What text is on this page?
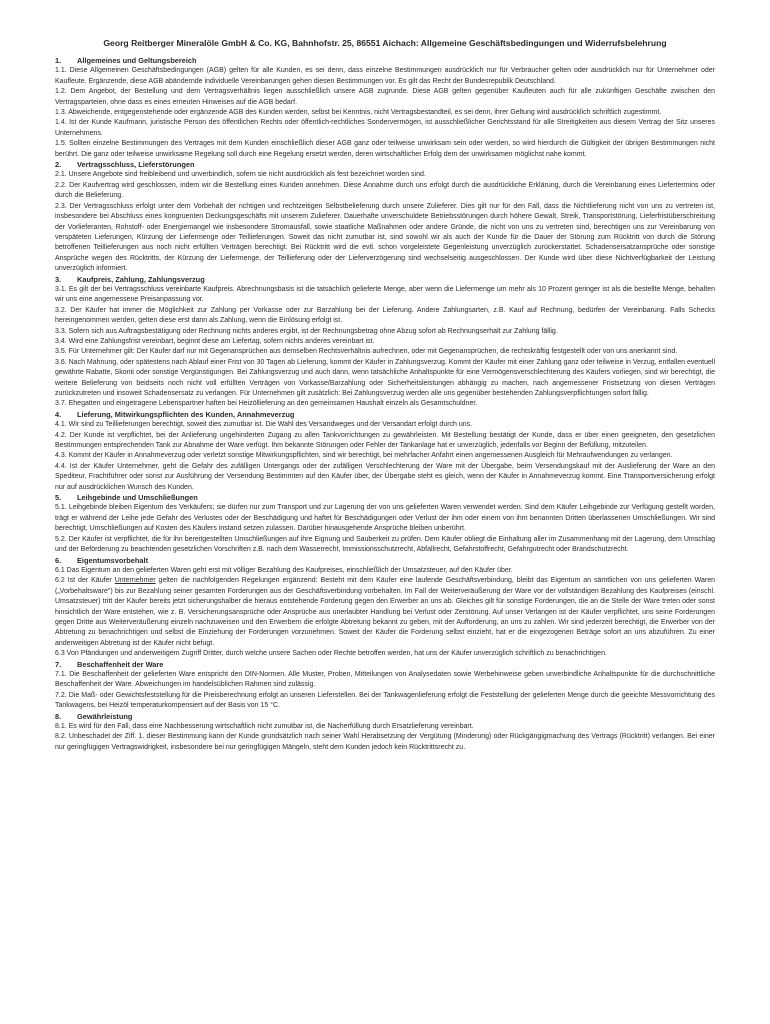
Georg Reitberger Mineralöle GmbH & Co. KG, Bahnhofstr. 25, 86551 Aichach: Allgemeine Geschäftsbedingungen und Widerrufsbelehrung
1.	Allgemeines und Geltungsbereich

1.1. Diese Allgemeinen Geschäftsbedingungen (AGB) gelten für alle Kunden, es sei denn, dass einzelne Bestimmungen ausdrücklich nur für Verbraucher gelten oder ausdrücklich nur für Unternehmer oder Kaufleute. Ergänzende, diese AGB abändernde individuelle Vereinbarungen gehen diesen Bestimmungen vor. Es gilt das Recht der Bundesrepublik Deutschland.

1.2. Dem Angebot, der Bestellung und dem Vertragsverhältnis liegen ausschließlich unsere AGB zugrunde. Diese AGB gelten gegenüber Kaufleuten auch für alle zukünftigen Geschäfte zwischen den Vertragsparteien, ohne dass es eines erneuten Hinweises auf die AGB bedarf.

1.3. Abweichende, entgegenstehende oder ergänzende AGB des Kunden werden, selbst bei Kenntnis, nicht Vertragsbestandteil, es sei denn, ihrer Geltung wird ausdrücklich schriftlich zugestimmt.

1.4. Ist der Kunde Kaufmann, juristische Person des öffentlichen Rechts oder öffentlich-rechtliches Sondervermögen, ist ausschließlicher Gerichtsstand für alle Streitigkeiten aus diesem Vertrag der Sitz unseres Unternehmens.

1.5. Sollten einzelne Bestimmungen des Vertrages mit dem Kunden einschließlich dieser AGB ganz oder teilweise unwirksam sein oder werden, so wird hierdurch die Gültigkeit der übrigen Bestimmungen nicht berührt. Die ganz oder teilweise unwirksame Regelung soll durch eine Regelung ersetzt werden, deren wirtschaftlicher Erfolg dem der unwirksamen möglichst nahe kommt.

2.	Vertragsschluss, Lieferstörungen

2.1. Unsere Angebote sind freibleibend und unverbindlich, sofern sie nicht ausdrücklich als fest bezeichnet worden sind.

2.2. Der Kaufvertrag wird geschlossen, indem wir die Bestellung eines Kunden annehmen. Diese Annahme durch uns erfolgt durch die ausdrückliche Erklärung, durch die Vereinbarung eines Liefertermins oder durch die Belieferung.

2.3. Der Vertragsschluss erfolgt unter dem Vorbehalt der richtigen und rechtzeitigen Selbstbelieferung durch unsere Zulieferer. Dies gilt nur für den Fall, dass die Nichtlieferung nicht von uns zu vertreten ist, insbesondere bei Abschluss eines kongruenten Deckungsgeschäfts mit unserem Zulieferer. Dauerhafte unverschuldete Betriebsstörungen durch höhere Gewalt, Streik, Transportstörung, Lieferfristüberschreitung der Vorlieferanten, Rohstoff- oder Energiemangel wie insbesondere Stromausfall, sowie staatliche Maßnahmen oder andere Gründe, die nicht von uns zu vertreten sind, berechtigen uns zur Vereinbarung von verspäteten Lieferungen, Kürzung der Liefermenge oder Teillieferungen. Soweit das nicht zumutbar ist, sind sowohl wir als auch der Kunde für die Dauer der Störung zum Rücktritt von durch die Störung betroffenen Teillieferungen aus noch nicht erfüllten Verträgen berechtigt. Bei Rücktritt wird die evtl. schon vorgeleistete Gegenleistung unverzüglich zurückerstattet. Schadensersatzansprüche oder sonstige Ansprüche wegen des Rücktritts, der Kürzung der Liefermenge, der Teillieferung oder der Lieferverzögerung sind wechselseitig ausgeschlossen. Der Kunde wird über diese Nichtverfügbarkeit der Leistung unverzüglich informiert.

3.	Kaufpreis, Zahlung, Zahlungsverzug

3.1. Es gilt der bei Vertragsschluss vereinbarte Kaufpreis. Abrechnungsbasis ist die tatsächlich gelieferte Menge, aber wenn die Liefermenge um mehr als 10 Prozent geringer ist als die bestellte Menge, behalten wir uns eine angemessene Preisanpassung vor.

3.2. Der Käufer hat immer die Möglichkeit zur Zahlung per Vorkasse oder zur Barzahlung bei der Lieferung. Andere Zahlungsarten, z.B. Kauf auf Rechnung, bedürfen der Vereinbarung. Falls Schecks hereingenommen werden, gelten diese erst dann als Zahlung, wenn die Einlösung erfolgt ist.

3.3. Sofern sich aus Auftragsbestätigung oder Rechnung nichts anderes ergibt, ist der Rechnungsbetrag ohne Abzug sofort ab Rechnungserhalt zur Zahlung fällig.

3.4. Wird eine Zahlungsfrist vereinbart, beginnt diese am Liefertag, sofern nichts anderes vereinbart ist.

3.5. Für Unternehmer gilt: Der Käufer darf nur mit Gegenansprüchen aus demselben Rechtsverhältnis aufrechnen, oder mit Gegenansprüchen, die rechtskräftig festgestellt oder von uns anerkannt sind.

3.6. Nach Mahnung, oder spätestens nach Ablauf einer Frist von 30 Tagen ab Lieferung, kommt der Käufer in Zahlungsverzug. Kommt der Käufer mit einer Zahlung ganz oder teilweise in Verzug, entfallen eventuell gewährte Rabatte, Skonti oder sonstige Vergünstigungen. Bei Zahlungsverzug und auch dann, wenn tatsächliche Anhaltspunkte für eine Vermögensverschlechterung des Käufers vorliegen, sind wir berechtigt, die weitere Belieferung von beidseits noch nicht voll erfüllten Verträgen von Vorkasse/Barzahlung oder Sicherheitsleistungen abhängig zu machen, nach angemessener Fristsetzung von diesen Verträgen zurückzutreten und insoweit Schadensersatz zu verlangen. Für Unternehmen gilt zusätzlich: Bei Zahlungsverzug werden alle uns gegenüber bestehenden Zahlungsverpflichtungen sofort fällig.

3.7. Ehegatten und eingetragene Lebenspartner haften bei Heizöllieferung an den gemeinsamen Haushalt einzeln als Gesamtschuldner.

4.	Lieferung, Mitwirkungspflichten des Kunden, Annahmeverzug

4.1. Wir sind zu Teillieferungen berechtigt, soweit dies zumutbar ist. Die Wahl des Versandweges und der Versandart erfolgt durch uns.

4.2. Der Kunde ist verpflichtet, bei der Anlieferung ungehinderten Zugang zu allen Tankvorrichtungen zu gewährleisten. Mit Bestellung bestätigt der Kunde, dass er über einen geeigneten, den gesetzlichen Bestimmungen entsprechenden Tank zur Abnahme der Ware verfügt. Ihm bekannte Störungen oder Fehler der Tankanlage hat er unverzüglich, jedenfalls vor Beginn der Befüllung, mitzuteilen.

4.3. Kommt der Käufer in Annahmeverzug oder verletzt sonstige Mitwirkungspflichten, sind wir berechtigt, bei mehrfacher Anfahrt einen angemessenen Ausgleich für Mehraufwendungen zu verlangen.

4.4. Ist der Käufer Unternehmer, geht die Gefahr des zufälligen Untergangs oder der zufälligen Verschlechterung der Ware mit der Übergabe, beim Versendungskauf mit der Auslieferung der Ware an den Spediteur, Frachtführer oder sonst zur Ausführung der Versendung Bestimmten auf den Käufer über, der Übergabe steht es gleich, wenn der Käufer in Annahmeverzug kommt. Eine Transportversicherung erfolgt nur auf ausdrücklichen Wunsch des Kunden.

5.	Leihgebinde und Umschließungen

5.1. Leihgebinde bleiben Eigentum des Verkäufers; sie dürfen nur zum Transport und zur Lagerung der von uns gelieferten Waren verwendet werden. Sind dem Käufer Leihgebinde zur Verfügung gestellt worden, trägt er während der Leihe jede Gefahr des Verlustes oder der Beschädigung und haftet für Beschädigungen oder Verlust der ihm oder einem von ihm benannten Dritten überlassenen Umschließungen. Wir sind berechtigt, Umschließungen auf Kosten des Käufers instand setzen zulassen. Darüber hinausgehende Ansprüche bleiben unberührt.

5.2. Der Käufer ist verpflichtet, die für ihn bereitgestellten Umschließungen auf ihre Eignung und Sauberkeit zu prüfen. Dem Käufer obliegt die Einhaltung aller im Zusammenhang mit der Lagerung, dem Umschlag und der Beförderung zu beachtenden gesetzlichen Vorschriften z.B. nach dem Wasserrecht, Immissionsschutzrecht, Abfallrecht, Gefahrstoffrecht, Gefahrgutrecht oder Brandschutzrecht.

6.	Eigentumsvorbehalt

6.1 Das Eigentum an den gelieferten Waren geht erst mit völliger Bezahlung des Kaufpreises, einschließlich der Umsatzsteuer, auf den Käufer über.

6.2 Ist der Käufer Unternehmer gelten die nachfolgenden Regelungen ergänzend: Besteht mit dem Käufer eine laufende Geschäftsverbindung, bleibt das Eigentum an sämtlichen von uns gelieferten Waren („Vorbehaltsware") bis zur Bezahlung seiner gesamten Forderungen aus der Geschäftsverbindung vorbehalten. Im Fall der Weiterveräußerung der Ware vor der vollständigen Bezahlung des Kaufpreises (einschl. Umsatzsteuer) tritt der Käufer bereits jetzt sicherungshalber die hieraus entstehende Forderung gegen den Erwerber an uns ab. Gleiches gilt für sonstige Forderungen, die an die Stelle der Ware treten oder sonst hinsichtlich der Ware entstehen, wie z. B. Versicherungsansprüche oder Ansprüche aus unerlaubter Handlung bei Verlust oder Zerstörung. Auf unser Verlangen ist der Käufer verpflichtet, uns seine Forderungen gegen Dritte aus Weiterveräußerung einzeln nachzuweisen und den Erwerbern die erfolgte Abtretung bekannt zu geben, mit der Aufforderung, an uns zu zahlen. Wir sind jederzeit berechtigt, die Erwerber von der Abtretung zu benachrichtigen und selbst die Einziehung der Forderungen vorzunehmen. Soweit der Käufer die Forderung selbst einzieht, hat er die eingezogenen Beträge sofort an uns abzuführen. Zu einer anderweitigen Abtretung ist der Käufer nicht befugt.

6.3 Von Pfändungen und anderweitigem Zugriff Dritter, durch welche unsere Sachen oder Rechte betroffen werden, hat uns der Käufer unverzüglich schriftlich zu benachrichtigen.

7.	Beschaffenheit der Ware

7.1. Die Beschaffenheit der gelieferten Ware entspricht den DIN-Normen. Alle Muster, Proben, Mitteilungen von Analysedaten sowie Werbehinweise geben unverbindliche Anhaltspunkte für die durchschnittliche Beschaffenheit der Ware. Abweichungen im handelsüblichen Rahmen sind zulässig.

7.2. Die Maß- oder Gewichtsfeststellung für die Preisberechnung erfolgt an unseren Lieferstellen. Bei der Tankwagenlieferung erfolgt die Feststellung der gelieferten Menge durch die geeichte Messvorrichtung des Tankwagens, bei Heizöl temperaturkompensiert auf der Basis von 15 °C.

8.	Gewährleistung

8.1. Es wird für den Fall, dass eine Nachbesserung wirtschaftlich nicht zumutbar ist, die Nacherfüllung durch Ersatzlieferung vereinbart.

8.2. Unbeschadet der Ziff. 1. dieser Bestimmung kann der Kunde grundsätzlich nach seiner Wahl Herabsetzung der Vergütung (Minderung) oder Rückgängigmachung des Vertrags (Rücktritt) verlangen. Bei einer nur geringfügigen Vertragswidrigkeit, insbesondere bei nur geringfügigen Mängeln, steht dem Kunden jedoch kein Rücktrittsrecht zu.
